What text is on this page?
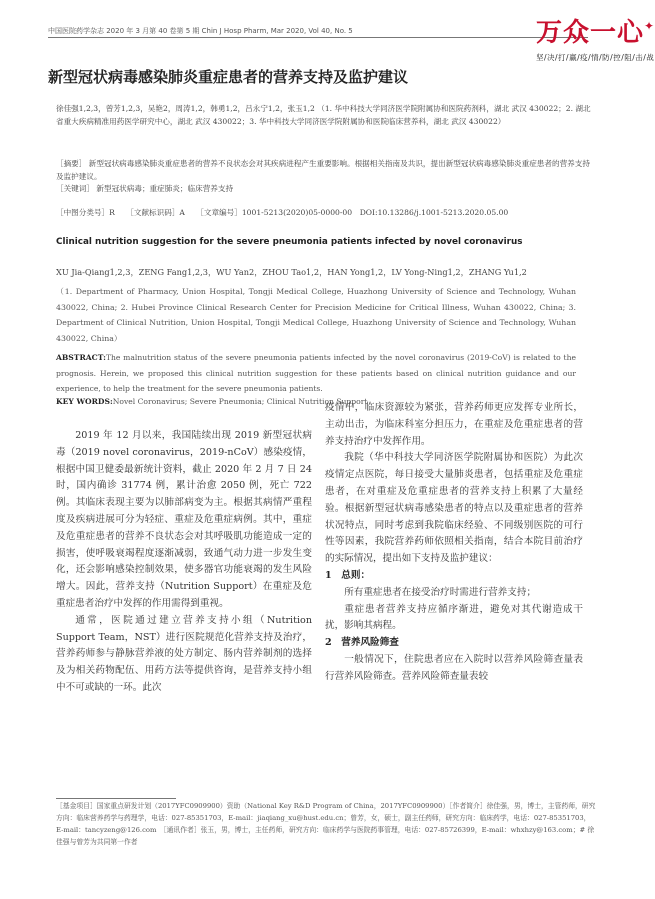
中国医院药学杂志 2020 年 3 月第 40 卷第 5 期 Chin J Hosp Pharm, Mar 2020, Vol 40, No. 5	万众一心✦
坚/决/打/赢/疫/情/防/控/阻/击/战
新型冠状病毒感染肺炎重症患者的营养支持及监护建议
徐佳强1,2,3，曾芳1,2,3，吴艳2，周涛1,2，韩勇1,2，吕永宁1,2，张玉1,2 （1. 华中科技大学同济医学院附属协和医院药剂科，湖北 武汉 430022；2. 湖北省重大疾病精准用药医学研究中心，湖北 武汉 430022；3. 华中科技大学同济医学院附属协和医院临床营养科，湖北 武汉 430022）
［摘要］ 新型冠状病毒感染肺炎重症患者的营养不良状态会对其疾病进程产生重要影响。根据相关指南及共识，提出新型冠状病毒感染肺炎重症患者的营养支持及监护建议。
［关键词］ 新型冠状病毒；重症肺炎；临床营养支持
［中图分类号］R　　［文献标识码］A　　［文章编号］1001-5213(2020)05-0000-00　DOI:10.13286/j.1001-5213.2020.05.00
Clinical nutrition suggestion for the severe pneumonia patients infected by novel coronavirus
XU Jia-Qiang1,2,3，ZENG Fang1,2,3，WU Yan2，ZHOU Tao1,2，HAN Yong1,2，LV Yong-Ning1,2，ZHANG Yu1,2
（1. Department of Pharmacy, Union Hospital, Tongji Medical College, Huazhong University of Science and Technology, Wuhan 430022, China; 2. Hubei Province Clinical Research Center for Precision Medicine for Critical Illness, Wuhan 430022, China; 3. Department of Clinical Nutrition, Union Hospital, Tongji Medical College, Huazhong University of Science and Technology, Wuhan 430022, China）
ABSTRACT:The malnutrition status of the severe pneumonia patients infected by the novel coronavirus (2019-CoV) is related to the prognosis. Herein, we proposed this clinical nutrition suggestion for these patients based on clinical nutrition guidance and our experience, to help the treatment for the severe pneumonia patients.
KEY WORDS:Novel Coronavirus; Severe Pneumonia; Clinical Nutrition Support
2019 年 12 月以来，我国陆续出现 2019 新型冠状病毒（2019 novel coronavirus，2019-nCoV）感染疫情，根据中国卫健委最新统计资料，截止 2020 年 2 月 7 日 24 时，国内确诊 31774 例，累计治愈 2050 例，死亡 722 例。其临床表现主要为以肺部病变为主。根据其病情严重程度及疾病进展可分为轻症、重症及危重症病例。其中，重症及危重症患者的营养不良状态会对其呼吸肌功能造成一定的损害，使呼吸衰竭程度逐渐减弱，致通气动力进一步发生变化，还会影响感染控制效果，使多器官功能衰竭的发生风险增大。因此，营养支持（Nutrition Support）在重症及危重症患者治疗中发挥的作用需得到重视。
通常，医院通过建立营养支持小组（Nutrition Support Team，NST）进行医院规范化营养支持及治疗，营养药师参与静脉营养液的处方制定、肠内营养制剂的选择及为相关药物配伍、用药方法等提供咨询，是营养支持小组中不可或缺的一环。此次
疫情中，临床资源较为紧张，营养药师更应发挥专业所长，主动出击，为临床科室分担压力，在重症及危重症患者的营养支持治疗中发挥作用。
我院（华中科技大学同济医学院附属协和医院）为此次疫情定点医院，每日接受大量肺炎患者，包括重症及危重症患者，在对重症及危重症患者的营养支持上积累了大量经验。根据新型冠状病毒感染患者的特点以及重症患者的营养状况特点，同时考虑到我院临床经验、不同级别医院的可行性等因素，我院营养药师依照相关指南，结合本院目前治疗的实际情况，提出如下支持及监护建议：
1　总则：
所有重症患者在接受治疗时需进行营养支持；
重症患者营养支持应循序渐进，避免对其代谢造成干扰，影响其病程。
2　营养风险筛查
一般情况下，住院患者应在入院时以营养风险筛查量表行营养风险筛查。营养风险筛查量表较
［基金项目］国家重点研发计划（2017YFC0909900）资助（National Key R&D Program of China，2017YFC0909900）［作者简介］徐佳强，男，博士，主管药师，研究方向：临床营养药学与药理学，电话：027-85351703，E-mail：jiaqiang_xu@hust.edu.cn；曾芳，女，硕士，副主任药师，研究方向：临床药学，电话：027-85351703，E-mail：tancyzeng@126.com　［通讯作者］张玉，男，博士，主任药师，研究方向：临床药学与医院药事管理，电话：027-85726399，E-mail：whxhzy@163.com；# 徐佳强与曾芳为共同第一作者
